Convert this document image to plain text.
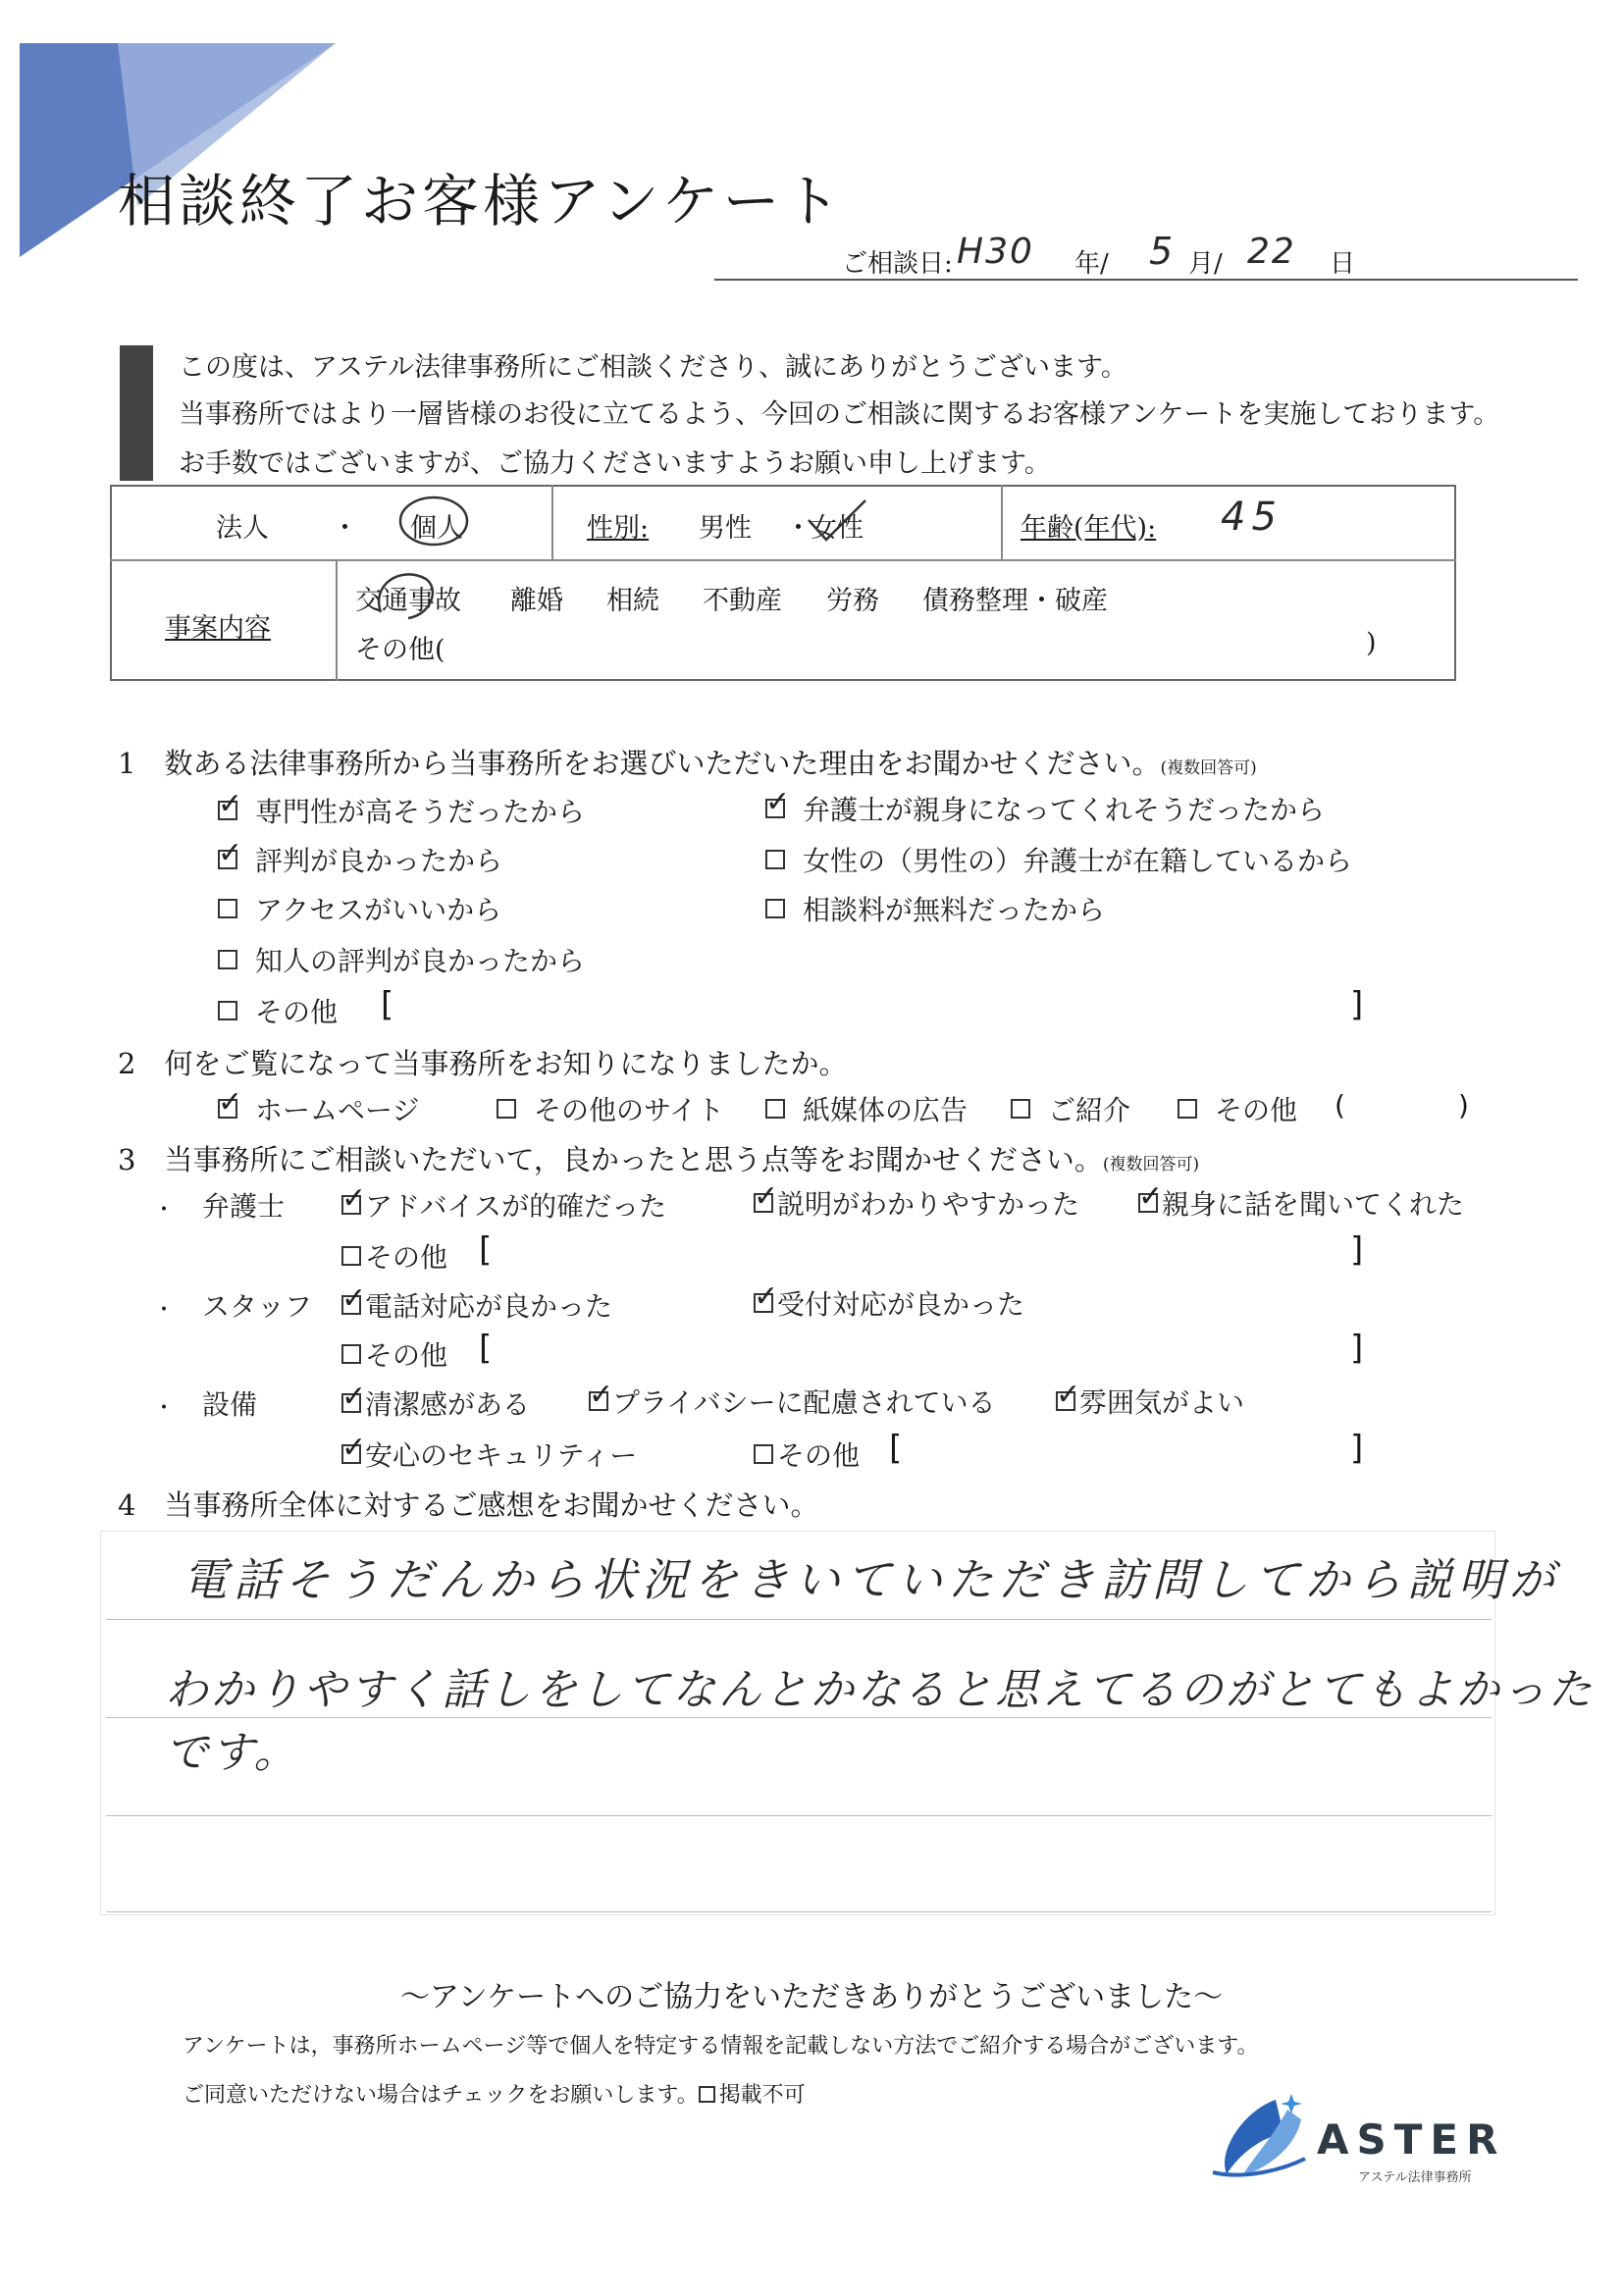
相談終了お客様アンケート
ご相談日: H30 年/ 5 月/ 22 日
この度は、アステル法律事務所にご相談くださり、誠にありがとうございます。
当事務所ではより一層皆様のお役に立てるよう、今回のご相談に関するお客様アンケートを実施しております。
お手数ではございますが、ご協力くださいますようお願い申し上げます。
法人 ・ 個人	性別: 男性 ・ 女性	年齢(年代): 45
事案内容
交通事故 離婚 相続 不動産 労務 債務整理・破産
その他(	)
1　数ある法律事務所から当事務所をお選びいただいた理由をお聞かせください。(複数回答可)
✓専門性が高そうだったから ✓	弁護士が親身になってくれそうだったから
✓評判が良かったから	女性の（男性の）弁護士が在籍しているから
アクセスがいいから	相談料が無料だったから
知人の評判が良かったから
その他 [	]
2　何をご覧になって当事務所をお知りになりましたか。
✓ホームページ	その他のサイト	紙媒体の広告	ご紹介	その他 (	)
3　当事務所にご相談いただいて，良かったと思う点等をお聞かせください。(複数回答可)
・ 弁護士 ✓	アドバイスが的確だった ✓	説明がわかりやすかった ✓	親身に話を聞いてくれた
その他 [	]
・ スタッフ ✓	電話対応が良かった ✓	受付対応が良かった
その他 [	]
・ 設備 ✓	清潔感がある ✓	プライバシーに配慮されている ✓	雰囲気がよい
✓安心のセキュリティー	その他 [	]
4　当事務所全体に対するご感想をお聞かせください。
電話そうだんから状況をきいていただき訪問してから説明が
わかりやすく話しをしてなんとかなると思えてるのがとてもよかったです。
～アンケートへのご協力をいただきありがとうございました～
アンケートは，事務所ホームページ等で個人を特定する情報を記載しない方法でご紹介する場合がございます。
ご同意いただけない場合はチェックをお願いします。 掲載不可
ASTER
アステル法律事務所
